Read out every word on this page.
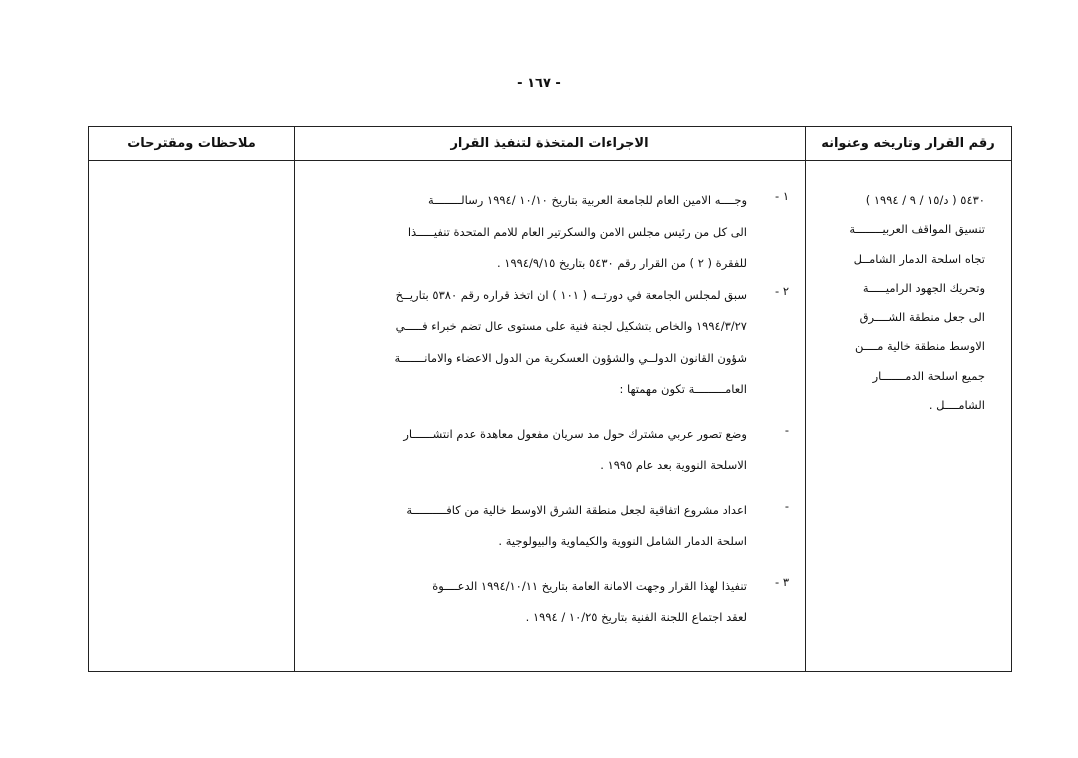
- ١٦٧ -
رقم القرار وتاريخه وعنوانه
الاجراءات المتخذة لتنفيذ القرار
ملاحظات ومقترحات
٥٤٣٠ ( د/١٥ / ٩ / ١٩٩٤ )
تنسيق المواقف العربيــــــــة
تجاه اسلحة الدمار الشامــل
وتحريك الجهود الراميـــــة
الى جعل منطقة الشــــرق
الاوسط منطقة خالية مــــن
جميع اسلحة الدمـــــــار
الشامــــل .
١ -
وجــــه الامين العام للجامعة العربية بتاريخ ١٠/١٠ /١٩٩٤ رسالــــــــة
الى كل من رئيس مجلس الامن والسكرتير العام للامم المتحدة تنفيـــــذا
للفقرة ( ٢ ) من القرار رقم ٥٤٣٠ بتاريخ ١٩٩٤/٩/١٥ .
٢ -
سبق لمجلس الجامعة في دورتــه ( ١٠١ ) ان اتخذ قراره رقم ٥٣٨٠ بتاريــخ
١٩٩٤/٣/٢٧ والخاص بتشكيل لجنة فنية على مستوى عال تضم خبراء فـــــي
شؤون القانون الدولــي والشؤون العسكرية من الدول الاعضاء والامانـــــــة
العامـــــــــة تكون مهمتها :
-
وضع تصور عربي مشترك حول مد سريان مفعول معاهدة عدم انتشــــــار
الاسلحة النووية بعد عام ١٩٩٥ .
-
اعداد مشروع اتفاقية لجعل منطقة الشرق الاوسط خالية من كافــــــــــة
اسلحة الدمار الشامل النووية والكيماوية والبيولوجية .
٣ -
تنفيذا لهذا القرار وجهت الامانة العامة بتاريخ ١٩٩٤/١٠/١١ الدعــــوة
لعقد اجتماع اللجنة الفنية بتاريخ ١٠/٢٥ / ١٩٩٤ .
